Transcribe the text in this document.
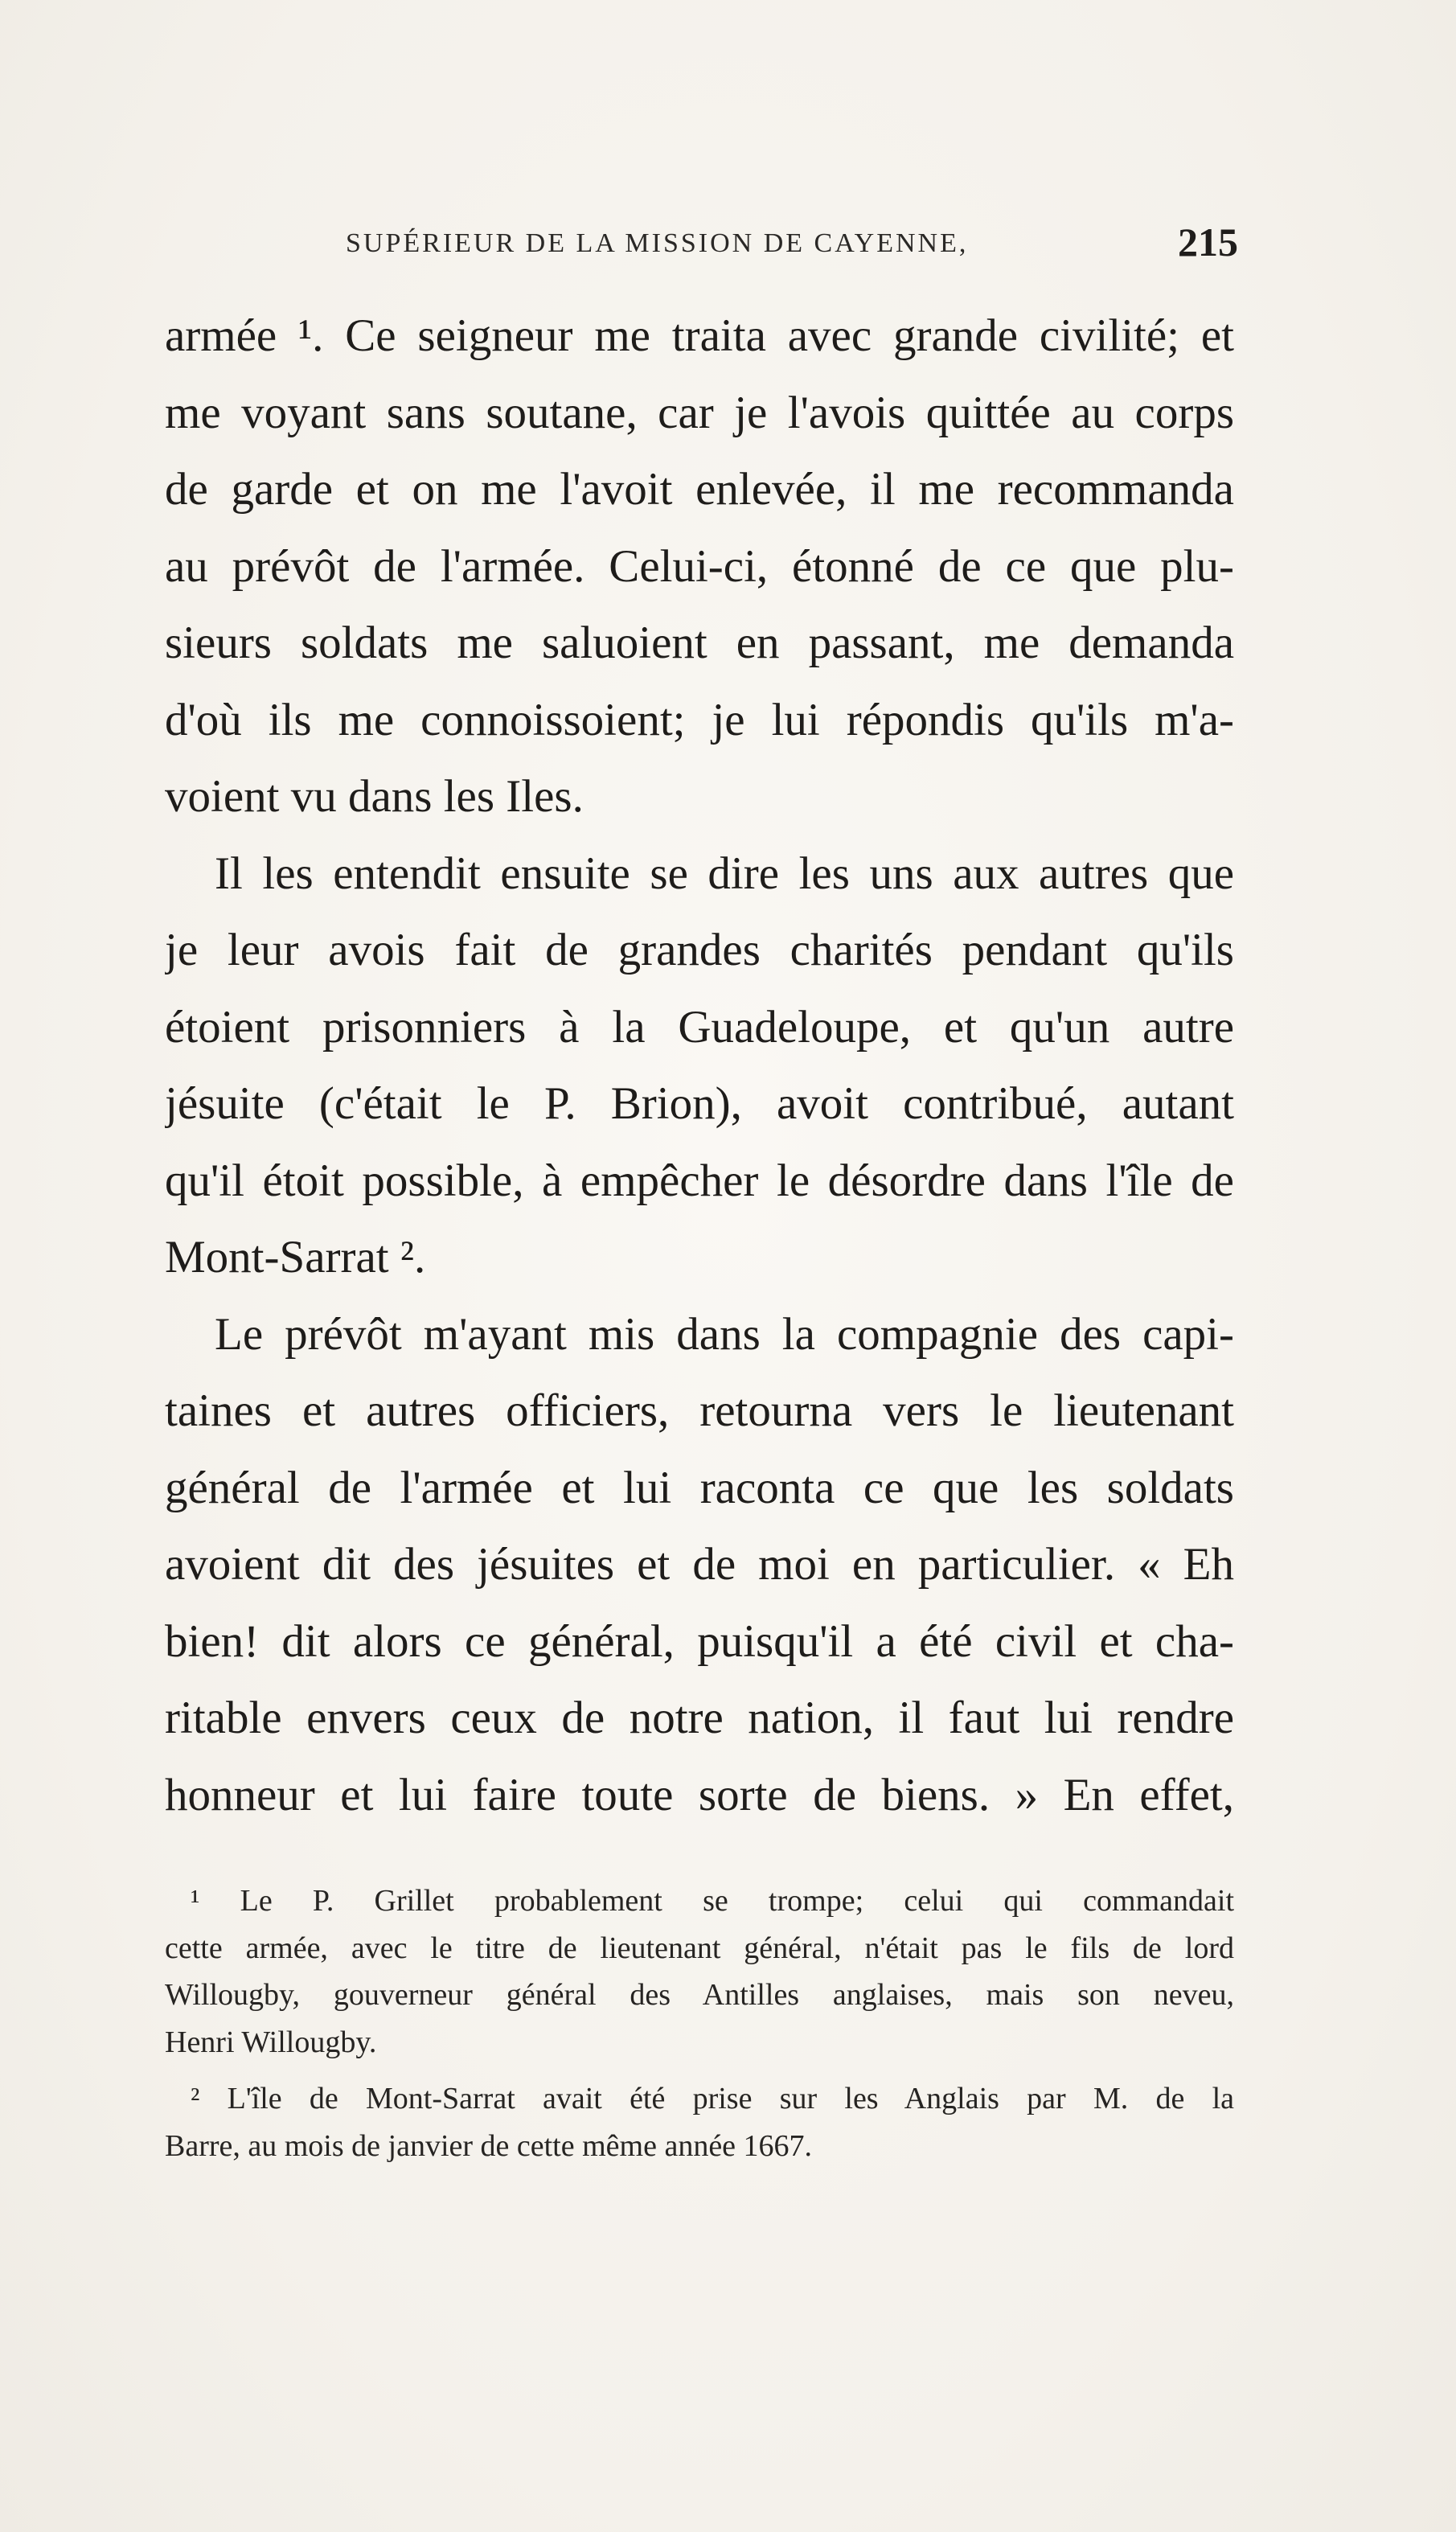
SUPÉRIEUR DE LA MISSION DE CAYENNE,	215
armée ¹. Ce seigneur me traita avec grande civilité; et
me voyant sans soutane, car je l'avois quittée au corps
de garde et on me l'avoit enlevée, il me recommanda
au prévôt de l'armée. Celui-ci, étonné de ce que plu-
sieurs soldats me saluoient en passant, me demanda
d'où ils me connoissoient; je lui répondis qu'ils m'a-
voient vu dans les Iles.
Il les entendit ensuite se dire les uns aux autres que
je leur avois fait de grandes charités pendant qu'ils
étoient prisonniers à la Guadeloupe, et qu'un autre
jésuite (c'était le P. Brion), avoit contribué, autant
qu'il étoit possible, à empêcher le désordre dans l'île de
Mont-Sarrat ².
Le prévôt m'ayant mis dans la compagnie des capi-
taines et autres officiers, retourna vers le lieutenant
général de l'armée et lui raconta ce que les soldats
avoient dit des jésuites et de moi en particulier. « Eh
bien! dit alors ce général, puisqu'il a été civil et cha-
ritable envers ceux de notre nation, il faut lui rendre
honneur et lui faire toute sorte de biens. » En effet,
¹ Le P. Grillet probablement se trompe; celui qui commandait
cette armée, avec le titre de lieutenant général, n'était pas le fils de lord
Willougby, gouverneur général des Antilles anglaises, mais son neveu,
Henri Willougby.
² L'île de Mont-Sarrat avait été prise sur les Anglais par M. de la
Barre, au mois de janvier de cette même année 1667.
